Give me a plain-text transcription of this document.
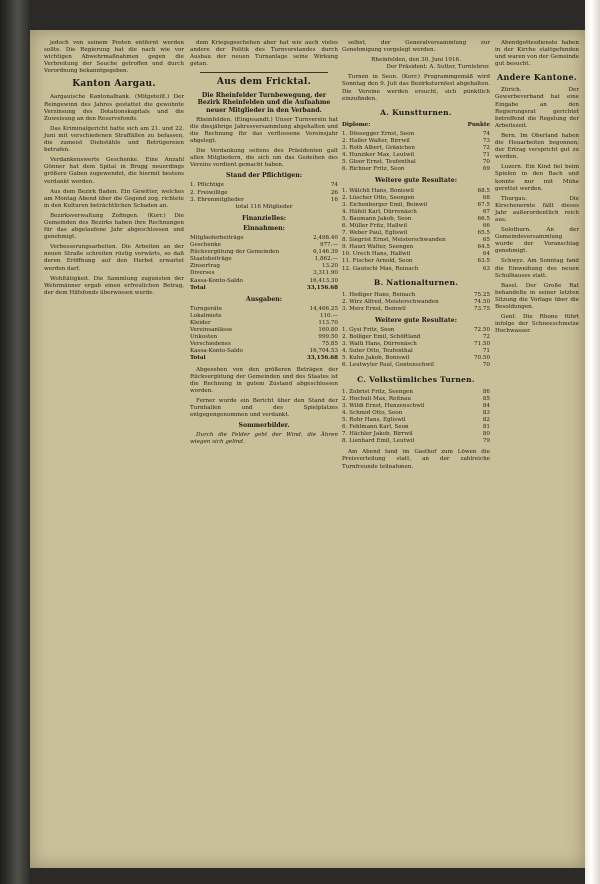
jedoch von seinem Posten entfernt werden sollte. Die Regierung hat die nach wie vor wichtigen Abwehrmaßnahmen gegen die Verbreitung der Seuche getroffen und durch Verordnung bekanntgegeben.

Kanton Aargau.

Aargauische Kantonalbank. (Mitgeteilt.) Der Reingewinn des Jahres gestattet die gewohnte Verzinsung des Dotationskapitals und die Zuweisung an den Reservefonds.

Das Kriminalgericht hatte sich am 21. und 22. Juni mit verschiedenen Straffällen zu befassen, die zumeist Diebstähle und Betrügereien betrafen.

Verdankenswerte Geschenke. Eine Anzahl Gönner hat dem Spital in Brugg neuerdings größere Gaben zugewendet, die hiermit bestens verdankt werden.

Aus dem Bezirk Baden. Ein Gewitter, welches am Montag Abend über die Gegend zog, richtete in den Kulturen beträchtlichen Schaden an.

Bezirksverwaltung Zofingen. (Korr.) Die Gemeinden des Bezirks haben ihre Rechnungen für das abgelaufene Jahr abgeschlossen und genehmigt.

Verbesserungsarbeiten. Die Arbeiten an der neuen Straße schreiten rüstig vorwärts, so daß deren Eröffnung auf den Herbst erwartet werden darf.

Wohltätigkeit. Die Sammlung zugunsten der Wehrmänner ergab einen erfreulichen Betrag, der dem Hilfsfonds überwiesen wurde.

dem Kriegsgeschehen aber hat wie auch vieles andere der Politik des Turnvorstandes durch Ausbau der neuen Turnanlage seine Wirkung getan.

Aus dem Fricktal.
Die Rheinfelder Turnbewegung, der Bezirk Rheinfelden und die Aufnahme neuer Mitglieder in den Verband.

Rheinfelden. (Eingesandt.) Unser Turnverein hat die diesjährige Jahresversammlung abgehalten und die Rechnung für das verflossene Vereinsjahr abgelegt.

Die Verdankung seitens des Präsidenten galt allen Mitgliedern, die sich um das Gedeihen des Vereins verdient gemacht haben.

Stand der Pflichtigen:
1. Pflichtige	74
2. Freiwillige	26
3. Ehrenmitglieder	16
total 116 Mitglieder
Finanzielles:
Einnahmen:
Mitgliederbeiträge	2,498.40
Geschenke	977.—
Rückvergütung der Gemeinden	6,146.39
Staatsbeiträge	1,862.—
Zinsertrag	13.20
Diverses	3,311.90
Kassa-Konto-Saldo	16,413.30
Total	33,156.68
Ausgaben:
Turngeräte	14,466.25
Lokalmiete	110.—
Kleider	113.70
Vereinsanlässe	160.80
Unkosten	999.50
Verschiedenes	75.85
Kassa-Konto-Saldo	16,704.53
Total	33,156.68

Abgesehen von den größeren Beträgen der Rückvergütung der Gemeinden und des Staates ist die Rechnung in gutem Zustand abgeschlossen worden.

Ferner wurde ein Bericht über den Stand der Turnhallen und des Spielplatzes entgegengenommen und verdankt.

Sommerbilder.

Durch die Felder geht der Wind, die Ähren wiegen sich gelind.

selbst, der Generalversammlung zur Genehmigung vorgelegt werden.

Rheinfelden, den 30. Juni 1916.
Der Präsident: A. Sutter, Turnlehrer.

Turnen in Seon. (Korr.) Programmgemäß wird Sonntag den 9. Juli das Bezirksturnfest abgehalten. Die Vereine werden ersucht, sich pünktlich einzufinden.

A. Kunstturnen.
Diplome:	Punkte
1. Dössegger Ernst, Seon	74
2. Haller Walter, Birrwil	73
3. Roth Albert, Gränichen	72
4. Hunziker Max, Leutwil	71
5. Gloor Ernst, Teufenthal	70
6. Richner Fritz, Seon	69
Weitere gute Resultate:
1. Wälchli Hans, Boniswil	68.5
2. Lüscher Otto, Seengen	68
3. Eichenberger Emil, Beinwil	67.5
4. Häfeli Karl, Dürrenäsch	67
5. Baumann Jakob, Seon	66.5
6. Müller Fritz, Hallwil	66
7. Weber Paul, Egliswil	65.5
8. Siegrist Ernst, Meisterschwanden	65
9. Hauri Walter, Seengen	64.5
10. Urech Hans, Hallwil	64
11. Fischer Arnold, Seon	63.5
12. Gautschi Max, Reinach	63
B. Nationalturnen.
1. Hediger Hans, Reinach	75.25
2. Wirz Alfred, Meisterschwanden	74.50
3. Merz Ernst, Beinwil	73.75
Weitere gute Resultate:
1. Gysi Fritz, Seon	72.50
2. Bolliger Emil, Schöftland	72
3. Walti Hans, Dürrenäsch	71.50
4. Suter Otto, Teufenthal	71
5. Kuhn Jakob, Boniswil	70.50
6. Leutwyler Paul, Gontenschwil	70
C. Volkstümliches Turnen.
1. Zobrist Fritz, Seengen	86
2. Hochuli Max, Reitnau	85
3. Wildi Ernst, Hunzenschwil	84
4. Schmid Otto, Seon	83
5. Rohr Hans, Egliswil	82
6. Fehlmann Karl, Seon	81
7. Hächler Jakob, Birrwil	80
8. Lienhard Emil, Leutwil	79

Am Abend fand im Gasthof zum Löwen die Preisverteilung statt, an der zahlreiche Turnfreunde teilnahmen.

Abendgottesdienste haben in der Kirche stattgefunden und waren von der Gemeinde gut besucht.

Andere Kantone.

Zürich. Der Gewerbeverband hat eine Eingabe an den Regierungsrat gerichtet betreffend die Regelung der Arbeitszeit.

Bern. Im Oberland haben die Heuarbeiten begonnen; der Ertrag verspricht gut zu werden.

Luzern. Ein Kind fiel beim Spielen in den Bach und konnte nur mit Mühe gerettet werden.

Thurgau. Die Kirschenernte fällt dieses Jahr außerordentlich reich aus.

Solothurn. An der Gemeindeversammlung wurde der Voranschlag genehmigt.

Schwyz. Am Sonntag fand die Einweihung des neuen Schulhauses statt.

Basel. Der Große Rat behandelte in seiner letzten Sitzung die Vorlage über die Besoldungen.

Genf. Die Rhone führt infolge der Schneeschmelze Hochwasser.
